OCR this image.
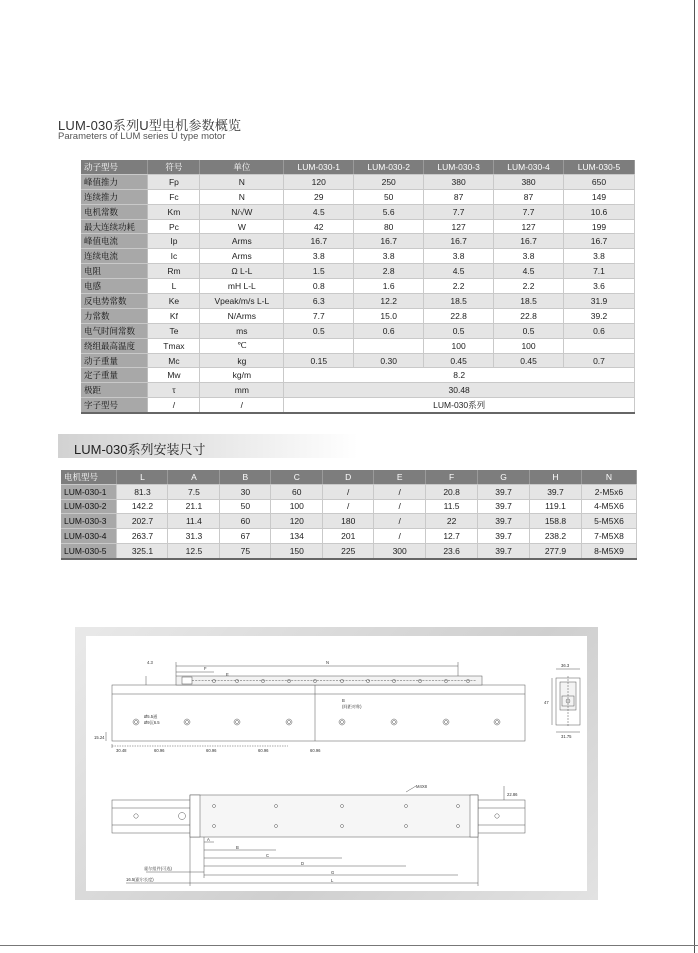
LUM-030系列U型电机参数概览
Parameters of LUM series U type motor
动子型号	符号	单位	LUM-030-1	LUM-030-2	LUM-030-3	LUM-030-4	LUM-030-5
峰值推力	Fp	N	120	250	380	380	650
连续推力	Fc	N	29	50	87	87	149
电机常数	Km	N/√W	4.5	5.6	7.7	7.7	10.6
最大连续功耗	Pc	W	42	80	127	127	199
峰值电流	Ip	Arms	16.7	16.7	16.7	16.7	16.7
连续电流	Ic	Arms	3.8	3.8	3.8	3.8	3.8
电阻	Rm	Ω L-L	1.5	2.8	4.5	4.5	7.1
电感	L	mH L-L	0.8	1.6	2.2	2.2	3.6
反电势常数	Ke	Vpeak/m/s L-L	6.3	12.2	18.5	18.5	31.9
力常数	Kf	N/Arms	7.7	15.0	22.8	22.8	39.2
电气时间常数	Te	ms	0.5	0.6	0.5	0.5	0.6
绕组最高温度	Tmax	℃			100	100	
动子重量	Mc	kg	0.15	0.30	0.45	0.45	0.7
定子重量	Mw	kg/m	8.2				
极距	τ	mm	30.48				
字子型号	/	/	LUM-030系列				
LUM-030系列安装尺寸
电机型号	L	A	B	C	D	E	F	G	H	N
LUM-030-1	81.3	7.5	30	60	/	/	20.8	39.7	39.7	2-M5x6
LUM-030-2	142.2	21.1	50	100	/	/	11.5	39.7	119.1	4-M5X6
LUM-030-3	202.7	11.4	60	120	180	/	22	39.7	158.8	5-M5X6
LUM-030-4	263.7	31.3	67	134	201	/	12.7	39.7	238.2	7-M5X8
LUM-030-5	325.1	12.5	75	150	225	300	23.6	39.7	277.9	8-M5X9
4.3
F
E
N
36.3
47
31.75
15.24
Ø5.5通
Ø9沉6.5
B
(间距对称)
30.48	60.96	60.96	60.96	60.96
M4X8
22.86
A
B
C
D
G
L
霍尔组件(可选)
16.5(霍尔长度)
